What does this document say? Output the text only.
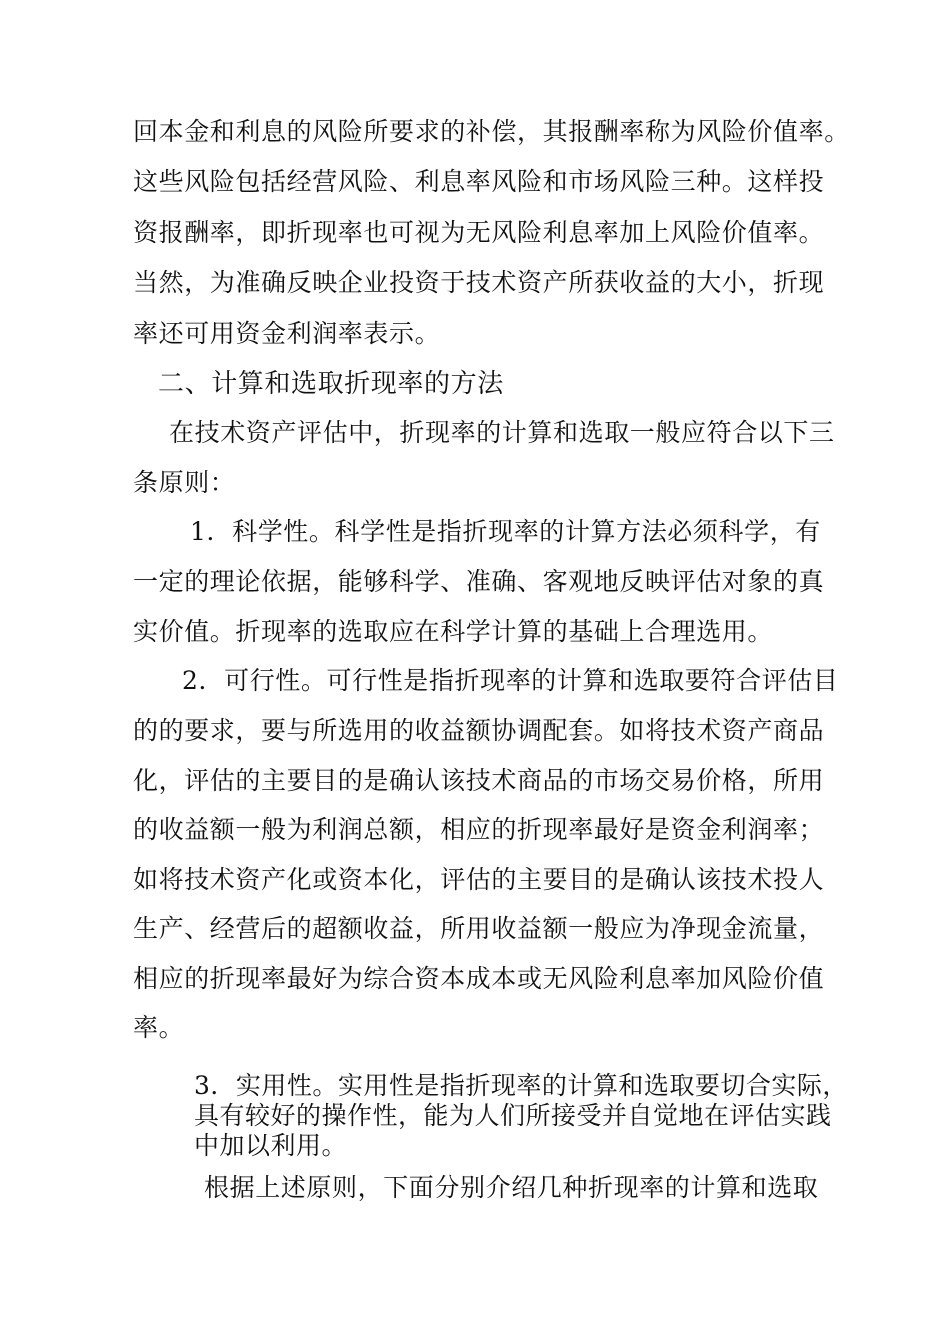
回本金和利息的风险所要求的补偿，其报酬率称为风险价值率。
这些风险包括经营风险、利息率风险和市场风险三种。这样投
资报酬率，即折现率也可视为无风险利息率加上风险价值率。
当然，为准确反映企业投资于技术资产所获收益的大小，折现
率还可用资金利润率表示。
二、计算和选取折现率的方法
在技术资产评估中，折现率的计算和选取一般应符合以下三
条原则：
1．科学性。科学性是指折现率的计算方法必须科学，有
一定的理论依据，能够科学、准确、客观地反映评估对象的真
实价值。折现率的选取应在科学计算的基础上合理选用。
2．可行性。可行性是指折现率的计算和选取要符合评估目
的的要求，要与所选用的收益额协调配套。如将技术资产商品
化，评估的主要目的是确认该技术商品的市场交易价格，所用
的收益额一般为利润总额，相应的折现率最好是资金利润率；
如将技术资产化或资本化，评估的主要目的是确认该技术投人
生产、经营后的超额收益，所用收益额一般应为净现金流量，
相应的折现率最好为综合资本成本或无风险利息率加风险价值
率。
3．实用性。实用性是指折现率的计算和选取要切合实际，
具有较好的操作性，能为人们所接受并自觉地在评估实践
中加以利用。
根据上述原则，下面分别介绍几种折现率的计算和选取
